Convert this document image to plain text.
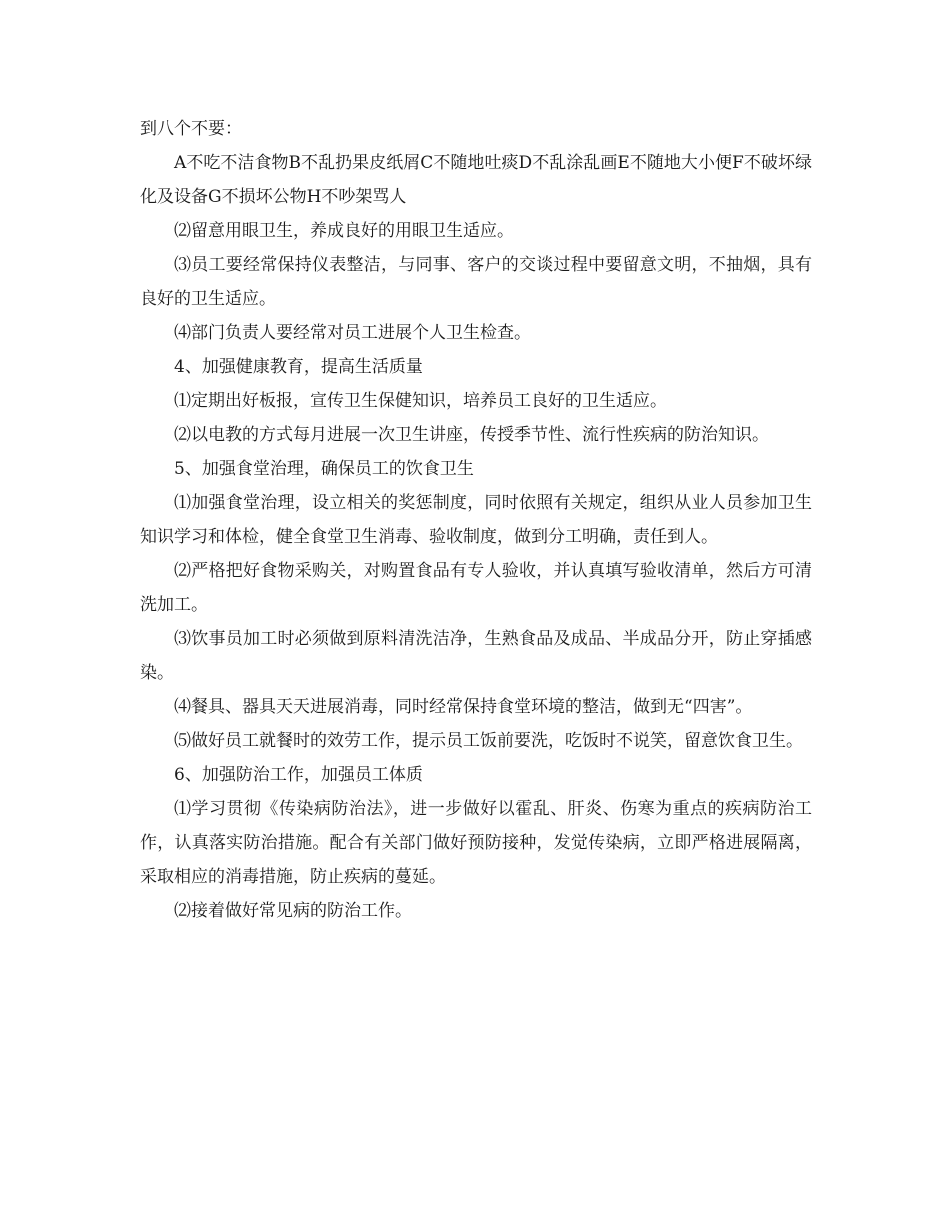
到八个不要：

A不吃不洁食物B不乱扔果皮纸屑C不随地吐痰D不乱涂乱画E不随地大小便F不破坏绿化及设备G不损坏公物H不吵架骂人

⑵留意用眼卫生，养成良好的用眼卫生适应。

⑶员工要经常保持仪表整洁，与同事、客户的交谈过程中要留意文明，不抽烟，具有良好的卫生适应。

⑷部门负责人要经常对员工进展个人卫生检查。

4、加强健康教育，提高生活质量

⑴定期出好板报，宣传卫生保健知识，培养员工良好的卫生适应。

⑵以电教的方式每月进展一次卫生讲座，传授季节性、流行性疾病的防治知识。

5、加强食堂治理，确保员工的饮食卫生

⑴加强食堂治理，设立相关的奖惩制度，同时依照有关规定，组织从业人员参加卫生知识学习和体检，健全食堂卫生消毒、验收制度，做到分工明确，责任到人。

⑵严格把好食物采购关，对购置食品有专人验收，并认真填写验收清单，然后方可清洗加工。

⑶饮事员加工时必须做到原料清洗洁净，生熟食品及成品、半成品分开，防止穿插感染。

⑷餐具、器具天天进展消毒，同时经常保持食堂环境的整洁，做到无“四害”。

⑸做好员工就餐时的效劳工作，提示员工饭前要洗，吃饭时不说笑，留意饮食卫生。

6、加强防治工作，加强员工体质

⑴学习贯彻《传染病防治法》，进一步做好以霍乱、肝炎、伤寒为重点的疾病防治工作，认真落实防治措施。配合有关部门做好预防接种，发觉传染病，立即严格进展隔离，采取相应的消毒措施，防止疾病的蔓延。

⑵接着做好常见病的防治工作。
